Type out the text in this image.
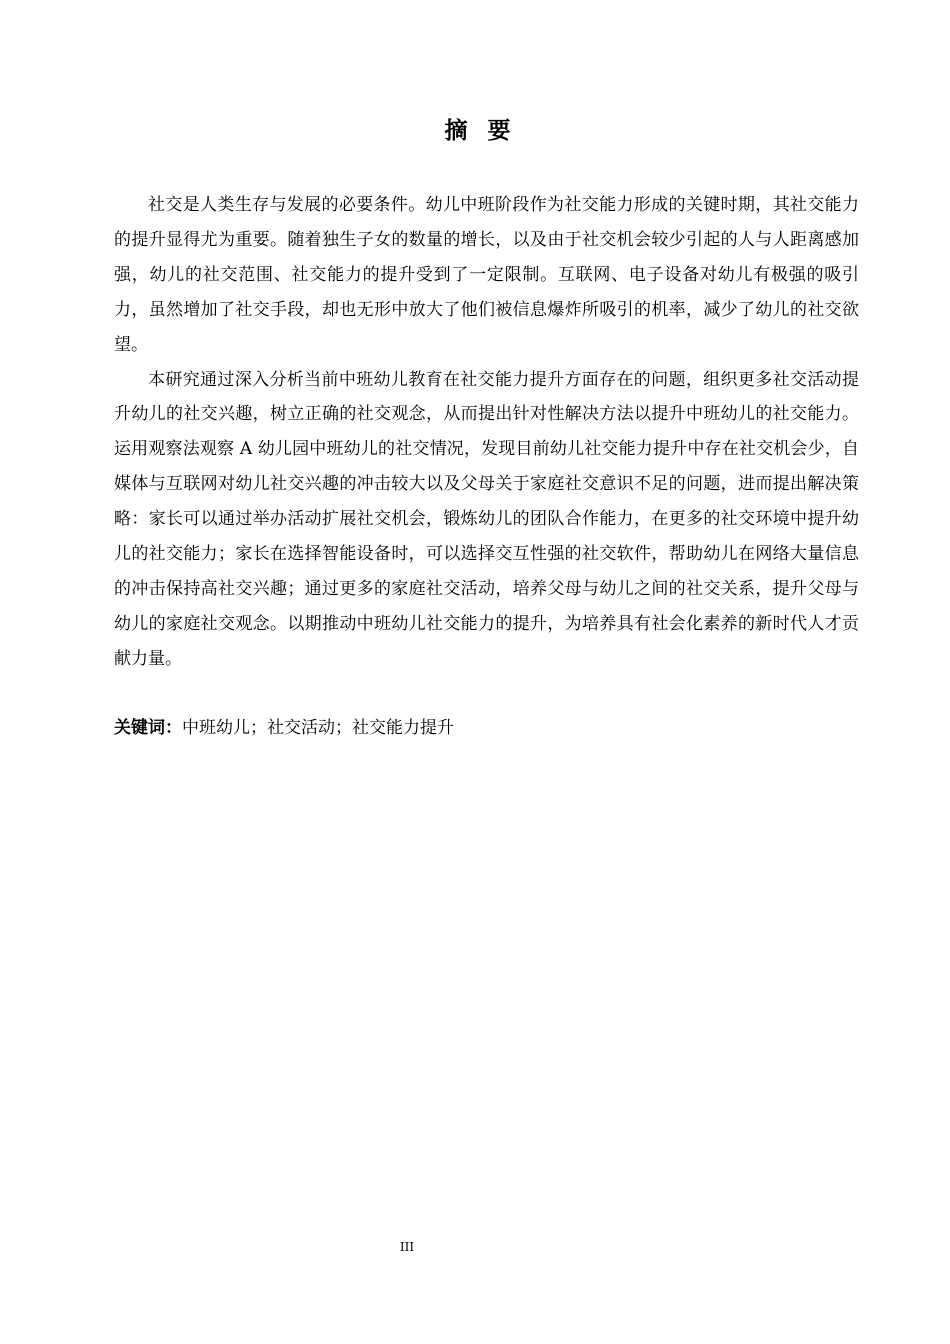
摘要

社交是人类生存与发展的必要条件。幼儿中班阶段作为社交能力形成的关键时期，其社交能力的提升显得尤为重要。随着独生子女的数量的增长，以及由于社交机会较少引起的人与人距离感加强，幼儿的社交范围、社交能力的提升受到了一定限制。互联网、电子设备对幼儿有极强的吸引力，虽然增加了社交手段，却也无形中放大了他们被信息爆炸所吸引的机率，减少了幼儿的社交欲望。

本研究通过深入分析当前中班幼儿教育在社交能力提升方面存在的问题，组织更多社交活动提升幼儿的社交兴趣，树立正确的社交观念，从而提出针对性解决方法以提升中班幼儿的社交能力。运用观察法观察 A 幼儿园中班幼儿的社交情况，发现目前幼儿社交能力提升中存在社交机会少，自媒体与互联网对幼儿社交兴趣的冲击较大以及父母关于家庭社交意识不足的问题，进而提出解决策略：家长可以通过举办活动扩展社交机会，锻炼幼儿的团队合作能力，在更多的社交环境中提升幼儿的社交能力；家长在选择智能设备时，可以选择交互性强的社交软件，帮助幼儿在网络大量信息的冲击保持高社交兴趣；通过更多的家庭社交活动，培养父母与幼儿之间的社交关系，提升父母与幼儿的家庭社交观念。以期推动中班幼儿社交能力的提升，为培养具有社会化素养的新时代人才贡献力量。

关键词：中班幼儿；社交活动；社交能力提升
III
